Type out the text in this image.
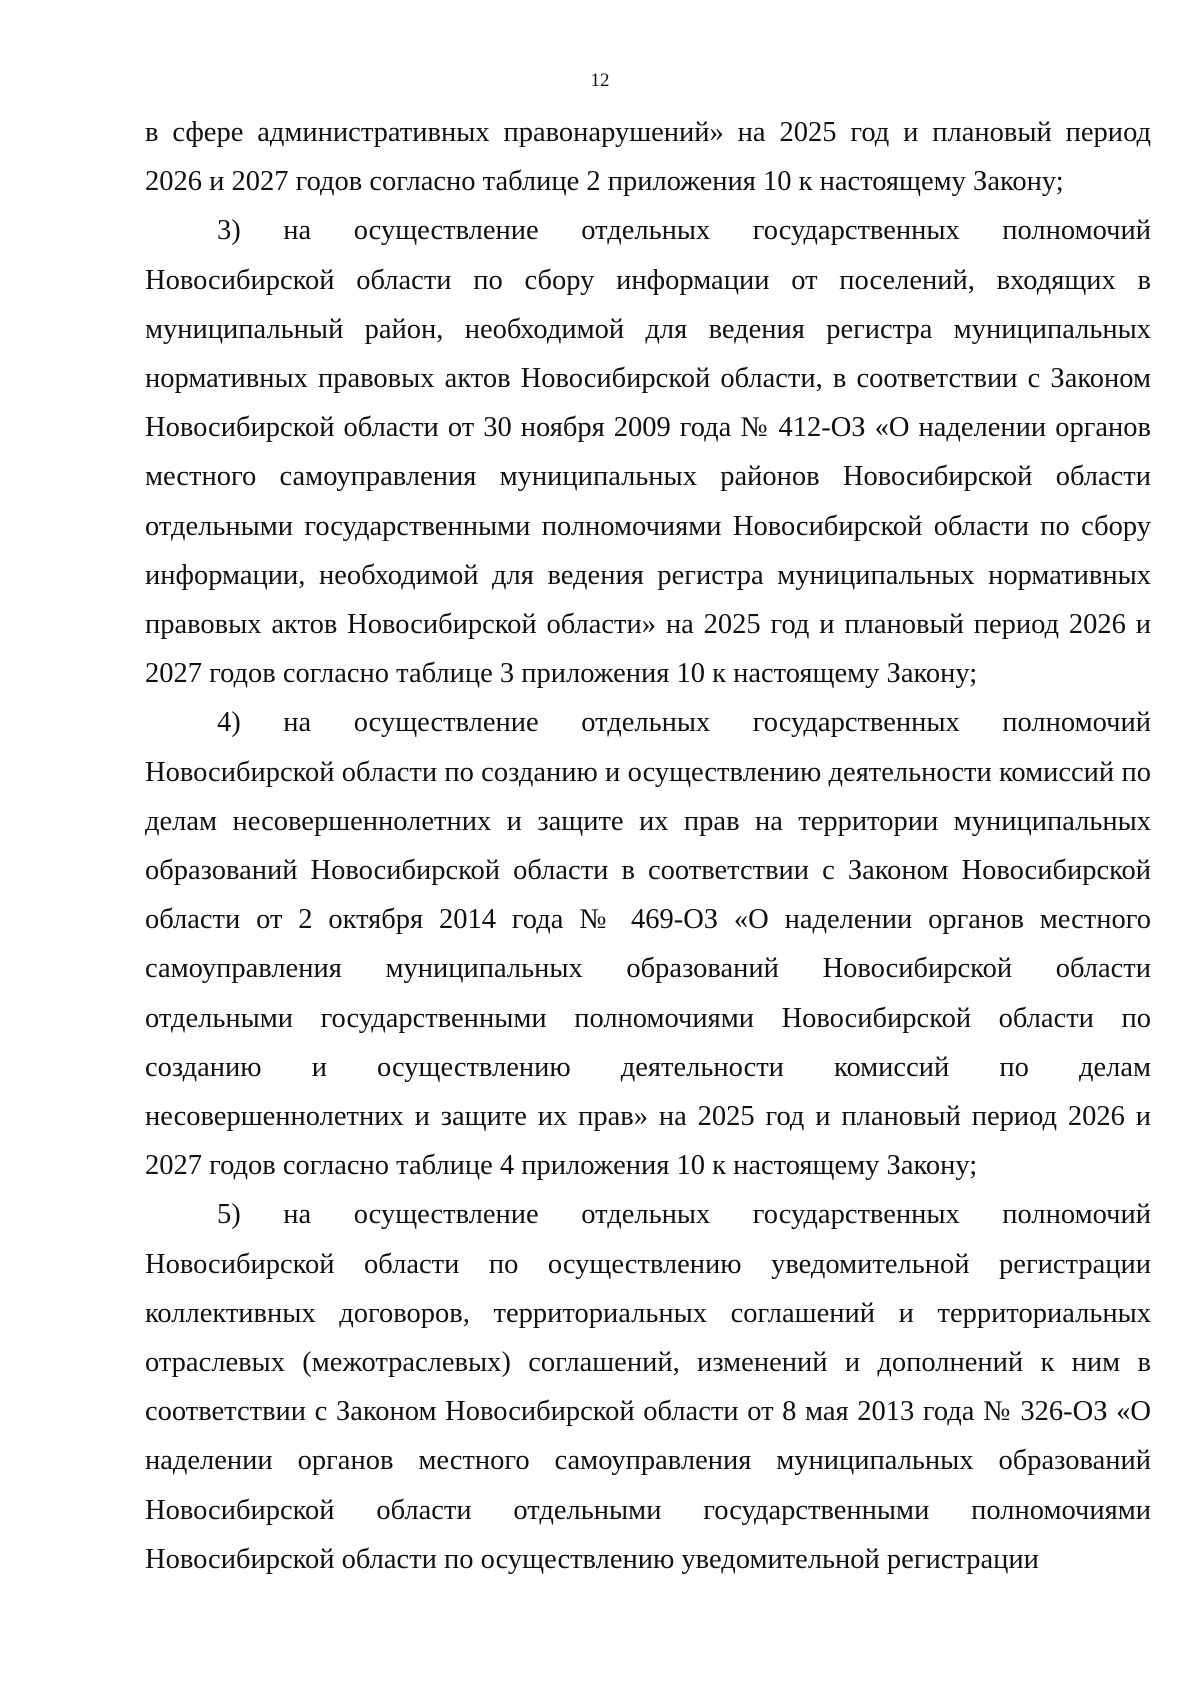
12

в сфере административных правонарушений» на 2025 год и плановый период 2026 и 2027 годов согласно таблице 2 приложения 10 к настоящему Закону;

3) на осуществление отдельных государственных полномочий Новосибирской области по сбору информации от поселений, входящих в муниципальный район, необходимой для ведения регистра муниципальных нормативных правовых актов Новосибирской области, в соответствии с Законом Новосибирской области от 30 ноября 2009 года № 412-ОЗ «О наделении органов местного самоуправления муниципальных районов Новосибирской области отдельными государственными полномочиями Новосибирской области по сбору информации, необходимой для ведения регистра муниципальных нормативных правовых актов Новосибирской области» на 2025 год и плановый период 2026 и 2027 годов согласно таблице 3 приложения 10 к настоящему Закону;

4) на осуществление отдельных государственных полномочий Новосибирской области по созданию и осуществлению деятельности комиссий по делам несовершеннолетних и защите их прав на территории муниципальных образований Новосибирской области в соответствии с Законом Новосибирской области от 2 октября 2014 года № 469-ОЗ «О наделении органов местного самоуправления муниципальных образований Новосибирской области отдельными государственными полномочиями Новосибирской области по созданию и осуществлению деятельности комиссий по делам несовершеннолетних и защите их прав» на 2025 год и плановый период 2026 и 2027 годов согласно таблице 4 приложения 10 к настоящему Закону;

5) на осуществление отдельных государственных полномочий Новосибирской области по осуществлению уведомительной регистрации коллективных договоров, территориальных соглашений и территориальных отраслевых (межотраслевых) соглашений, изменений и дополнений к ним в соответствии с Законом Новосибирской области от 8 мая 2013 года № 326-ОЗ «О наделении органов местного самоуправления муниципальных образований Новосибирской области отдельными государственными полномочиями Новосибирской области по осуществлению уведомительной регистрации
